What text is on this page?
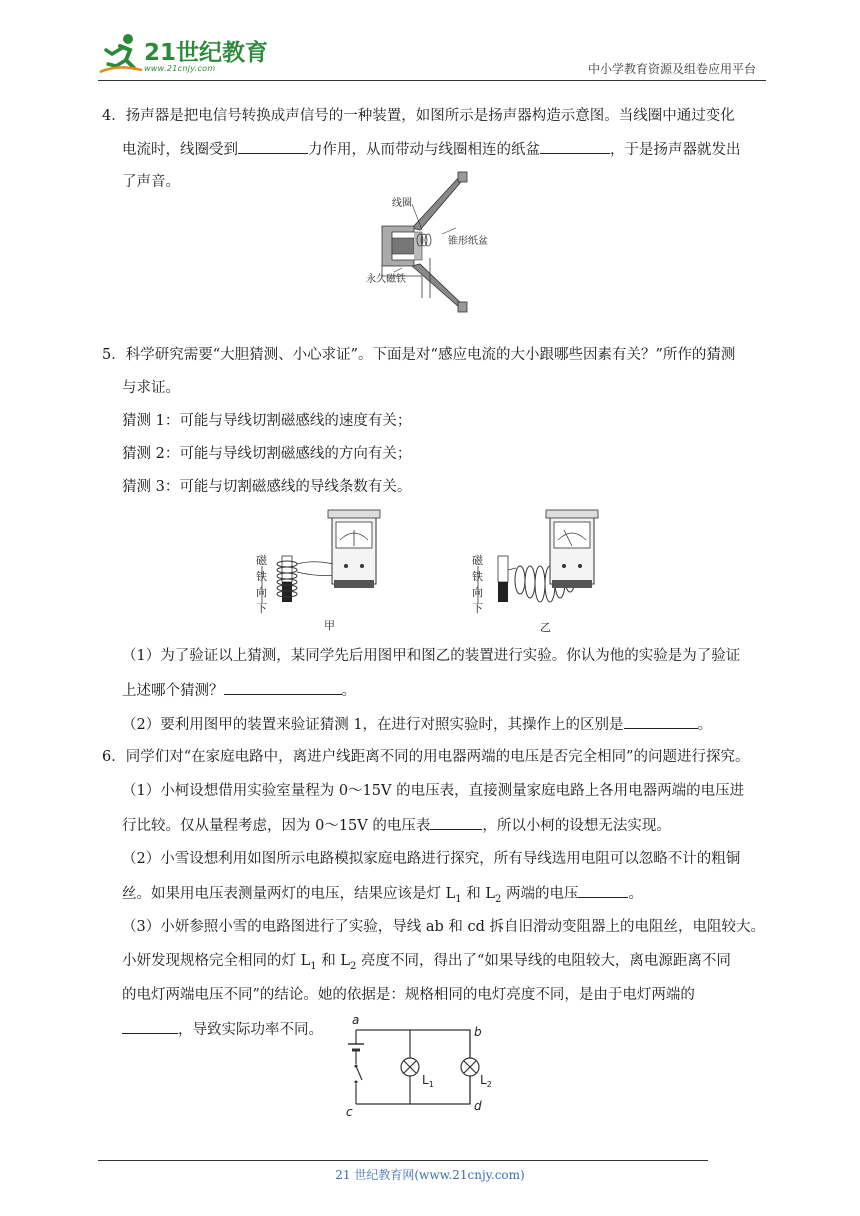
21世纪教育
www.21cnjy.com	中小学教育资源及组卷应用平台
4．扬声器是把电信号转换成声信号的一种装置，如图所示是扬声器构造示意图。当线圈中通过变化
电流时，线圈受到	力作用，从而带动与线圈相连的纸盆	，于是扬声器就发出
了声音。
线圈
锥形纸盆
永久磁铁
5．科学研究需要“大胆猜测、小心求证”。下面是对“感应电流的大小跟哪些因素有关？”所作的猜测
与求证。
猜测 1：可能与导线切割磁感线的速度有关；
猜测 2：可能与导线切割磁感线的方向有关；
猜测 3：可能与切割磁感线的导线条数有关。
磁
铁
向
下
甲
磁
铁
向
下
乙
（1）为了验证以上猜测，某同学先后用图甲和图乙的装置进行实验。你认为他的实验是为了验证
上述哪个猜测？	。
（2）要利用图甲的装置来验证猜测 1，在进行对照实验时，其操作上的区别是	。
6．同学们对“在家庭电路中，离进户线距离不同的用电器两端的电压是否完全相同”的问题进行探究。
（1）小柯设想借用实验室量程为 0～15V 的电压表，直接测量家庭电路上各用电器两端的电压进
行比较。仅从量程考虑，因为 0～15V 的电压表	，所以小柯的设想无法实现。
（2）小雪设想利用如图所示电路模拟家庭电路进行探究，所有导线选用电阻可以忽略不计的粗铜
丝。如果用电压表测量两灯的电压，结果应该是灯 $L_1$ 和 $L_2$ 两端的电压	。
（3）小妍参照小雪的电路图进行了实验，导线 ab 和 cd 拆自旧滑动变阻器上的电阻丝，电阻较大。
小妍发现规格完全相同的灯 $L_1$ 和 $L_2$ 亮度不同，得出了“如果导线的电阻较大，离电源距离不同
的电灯两端电压不同”的结论。她的依据是：规格相同的电灯亮度不同，是由于电灯两端的
，导致实际功率不同。
a
b
c	d
$L_1$	$L_2$
21 世纪教育网(www.21cnjy.com)
